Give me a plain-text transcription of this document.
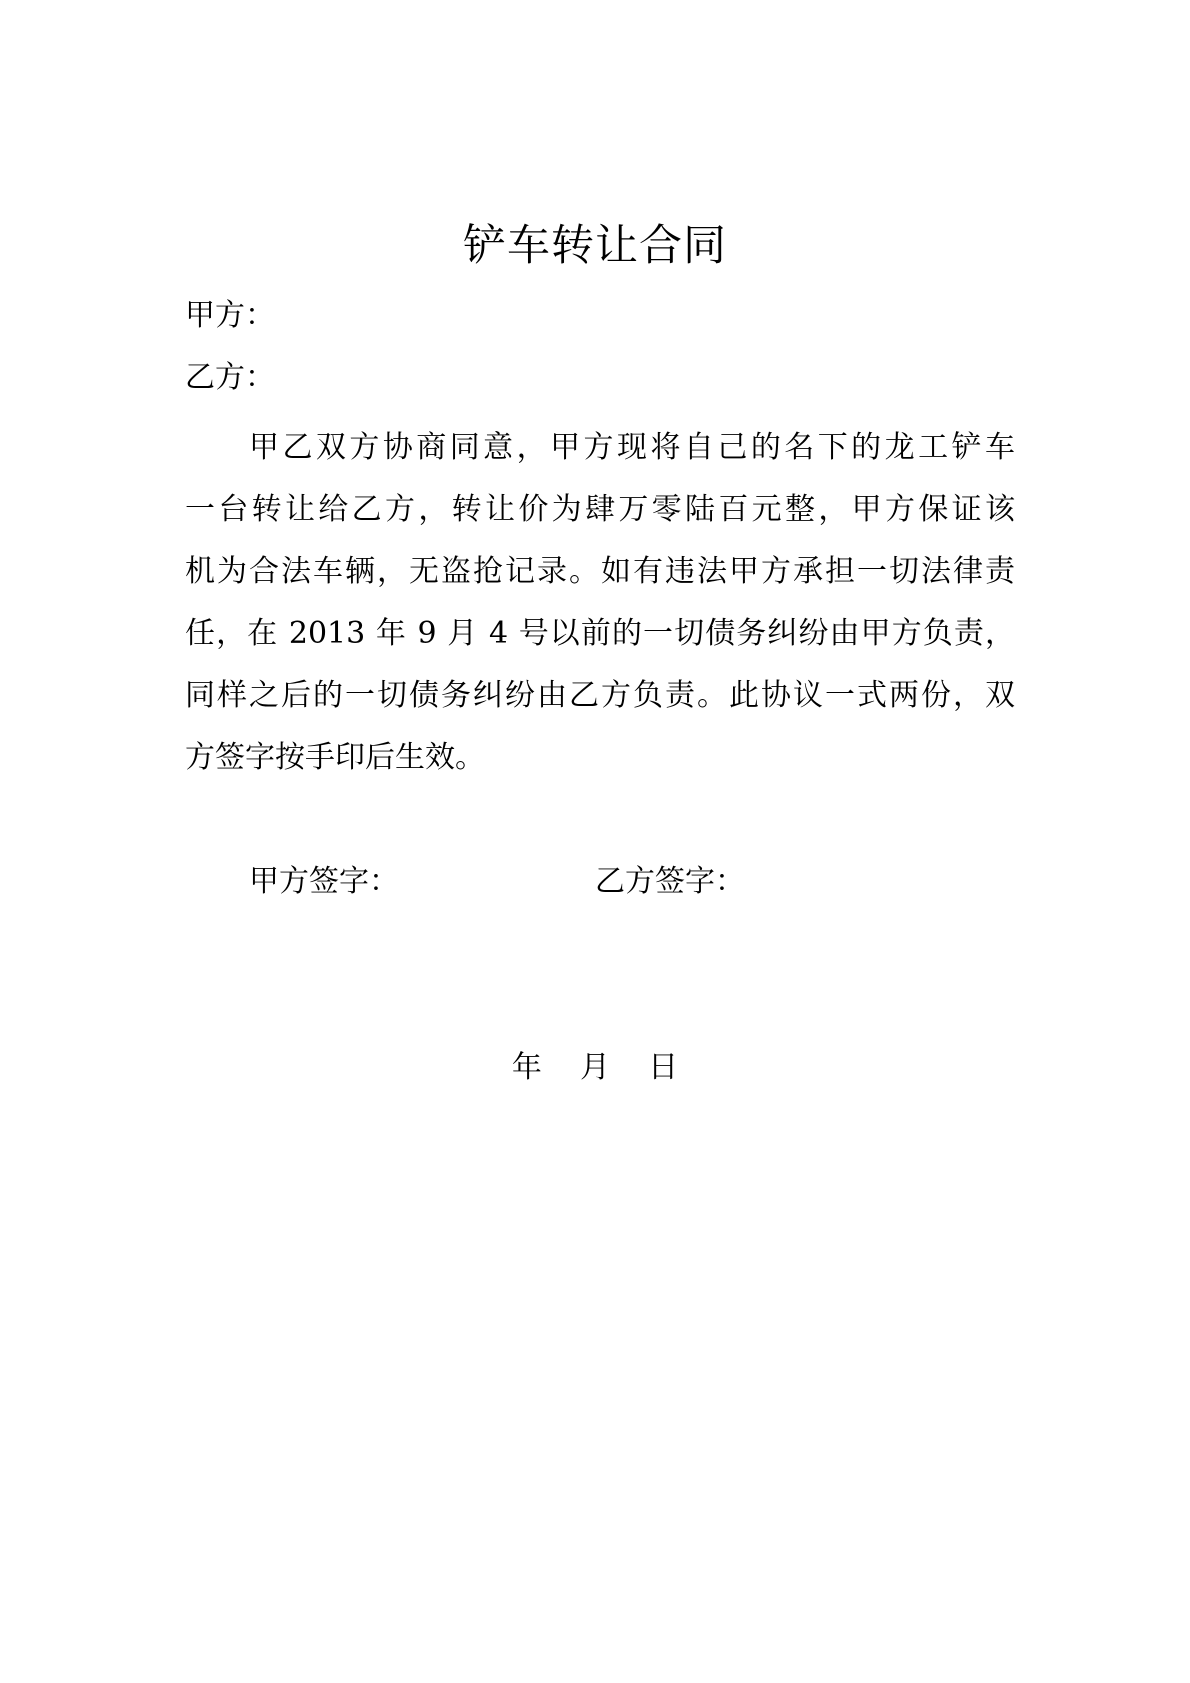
铲车转让合同
甲方：
乙方：
甲乙双方协商同意，甲方现将自己的名下的龙工铲车
一台转让给乙方，转让价为肆万零陆百元整，甲方保证该
机为合法车辆，无盗抢记录。如有违法甲方承担一切法律责
任，在 2013 年 9 月 4 号以前的一切债务纠纷由甲方负责，
同样之后的一切债务纠纷由乙方负责。此协议一式两份，双
方签字按手印后生效。
甲方签字：	乙方签字：
年    月    日
